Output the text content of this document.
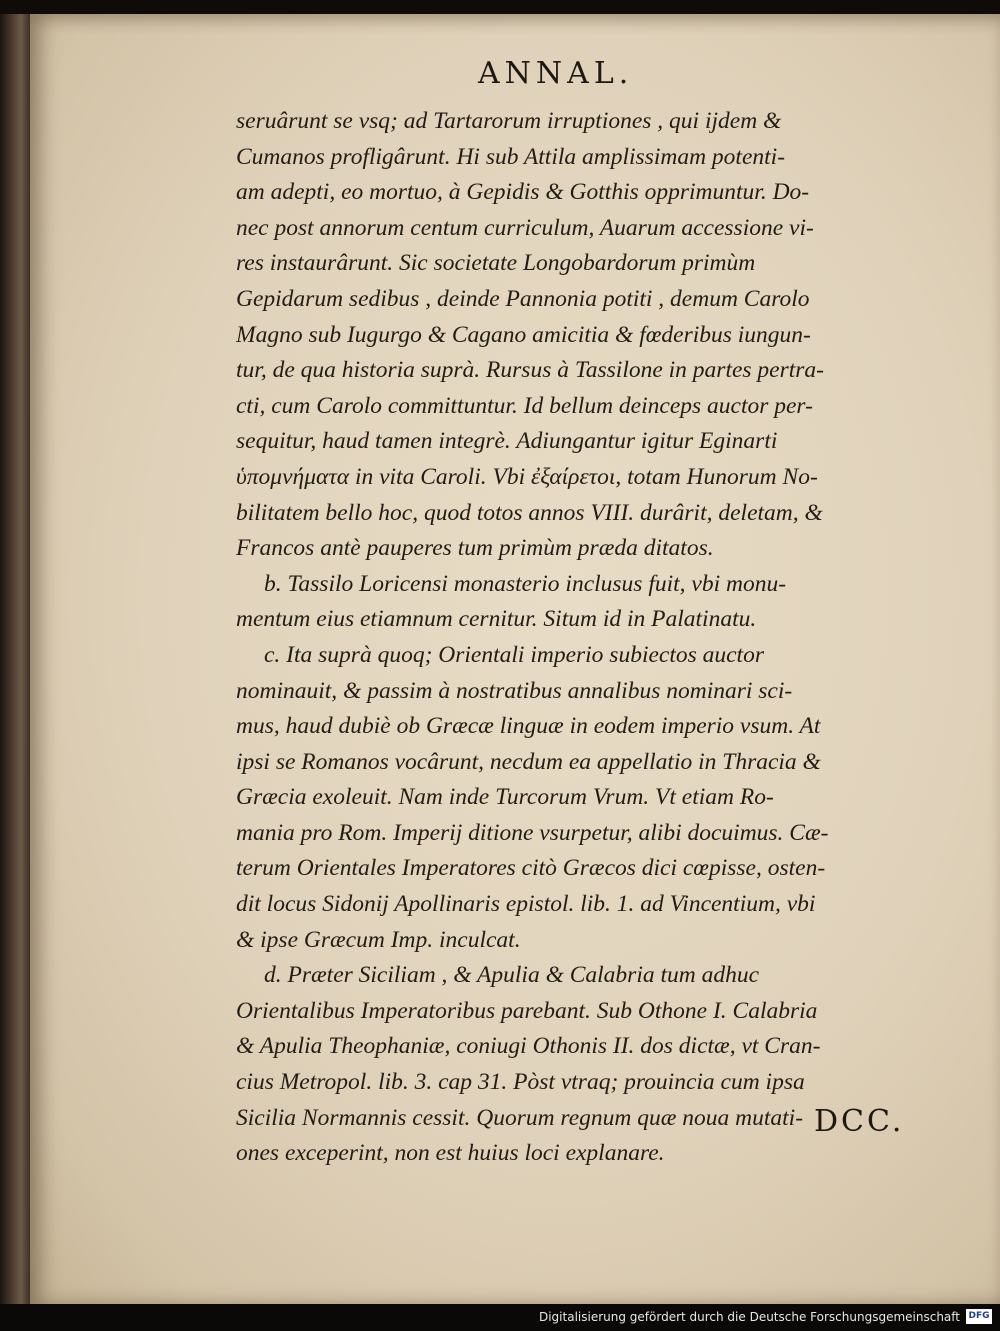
ANNAL.
seruârunt se vsq; ad Tartarorum irruptiones , qui ijdem &
Cumanos profligârunt. Hi sub Attila amplissimam potenti-
am adepti, eo mortuo, à Gepidis & Gotthis opprimuntur. Do-
nec post annorum centum curriculum, Auarum accessione vi-
res instaurârunt. Sic societate Longobardorum primùm
Gepidarum sedibus , deinde Pannonia potiti , demum Carolo
Magno sub Iugurgo & Cagano amicitia & fœderibus iungun-
tur, de qua historia suprà. Rursus à Tassilone in partes pertra-
cti, cum Carolo committuntur. Id bellum deinceps auctor per-
sequitur, haud tamen integrè. Adiungantur igitur Eginarti
ὑπομνήματα in vita Caroli. Vbi ἐξαίρετοι, totam Hunorum No-
bilitatem bello hoc, quod totos annos VIII. durârit, deletam, &
Francos antè pauperes tum primùm præda ditatos.
b. Tassilo Loricensi monasterio inclusus fuit, vbi monu-
mentum eius etiamnum cernitur. Situm id in Palatinatu.
c. Ita suprà quoq; Orientali imperio subiectos auctor
nominauit, & passim à nostratibus annalibus nominari sci-
mus, haud dubiè ob Græcæ linguæ in eodem imperio vsum. At
ipsi se Romanos vocârunt, necdum ea appellatio in Thracia &
Græcia exoleuit. Nam inde Turcorum Vrum. Vt etiam Ro-
mania pro Rom. Imperij ditione vsurpetur, alibi docuimus. Cæ-
terum Orientales Imperatores citò Græcos dici cœpisse, osten-
dit locus Sidonij Apollinaris epistol. lib. 1. ad Vincentium, vbi
& ipse Græcum Imp. inculcat.
d. Præter Siciliam , & Apulia & Calabria tum adhuc
Orientalibus Imperatoribus parebant. Sub Othone I. Calabria
& Apulia Theophaniæ, coniugi Othonis II. dos dictæ, vt Cran-
cius Metropol. lib. 3. cap 31. Pòst vtraq; prouincia cum ipsa
Sicilia Normannis cessit. Quorum regnum quæ noua mutati-
ones exceperint, non est huius loci explanare.
DCC.
Digitalisierung gefördert durch die Deutsche Forschungsgemeinschaft DFG
